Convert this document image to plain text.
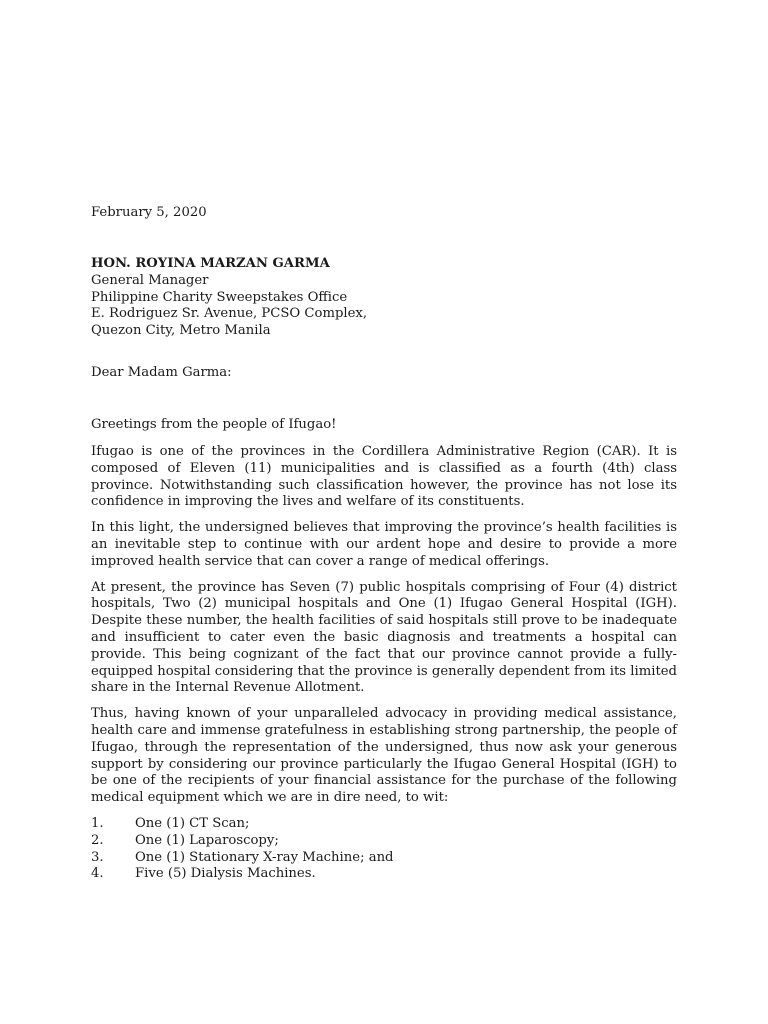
February 5, 2020
HON. ROYINA MARZAN GARMA
General Manager
Philippine Charity Sweepstakes Office
E. Rodriguez Sr. Avenue, PCSO Complex,
Quezon City, Metro Manila
Dear Madam Garma:
Greetings from the people of Ifugao!

Ifugao is one of the provinces in the Cordillera Administrative Region (CAR). It is composed of Eleven (11) municipalities and is classified as a fourth (4th) class province. Notwithstanding such classification however, the province has not lose its confidence in improving the lives and welfare of its constituents.

In this light, the undersigned believes that improving the province’s health facilities is an inevitable step to continue with our ardent hope and desire to provide a more improved health service that can cover a range of medical offerings.

At present, the province has Seven (7) public hospitals comprising of Four (4) district hospitals, Two (2) municipal hospitals and One (1) Ifugao General Hospital (IGH). Despite these number, the health facilities of said hospitals still prove to be inadequate and insufficient to cater even the basic diagnosis and treatments a hospital can provide. This being cognizant of the fact that our province cannot provide a fully-equipped hospital considering that the province is generally dependent from its limited share in the Internal Revenue Allotment.

Thus, having known of your unparalleled advocacy in providing medical assistance, health care and immense gratefulness in establishing strong partnership, the people of Ifugao, through the representation of the undersigned, thus now ask your generous support by considering our province particularly the Ifugao General Hospital (IGH) to be one of the recipients of your financial assistance for the purchase of the following medical equipment which we are in dire need, to wit:

1.	One (1) CT Scan;
2.	One (1) Laparoscopy;
3.	One (1) Stationary X-ray Machine; and
4.	Five (5) Dialysis Machines.
